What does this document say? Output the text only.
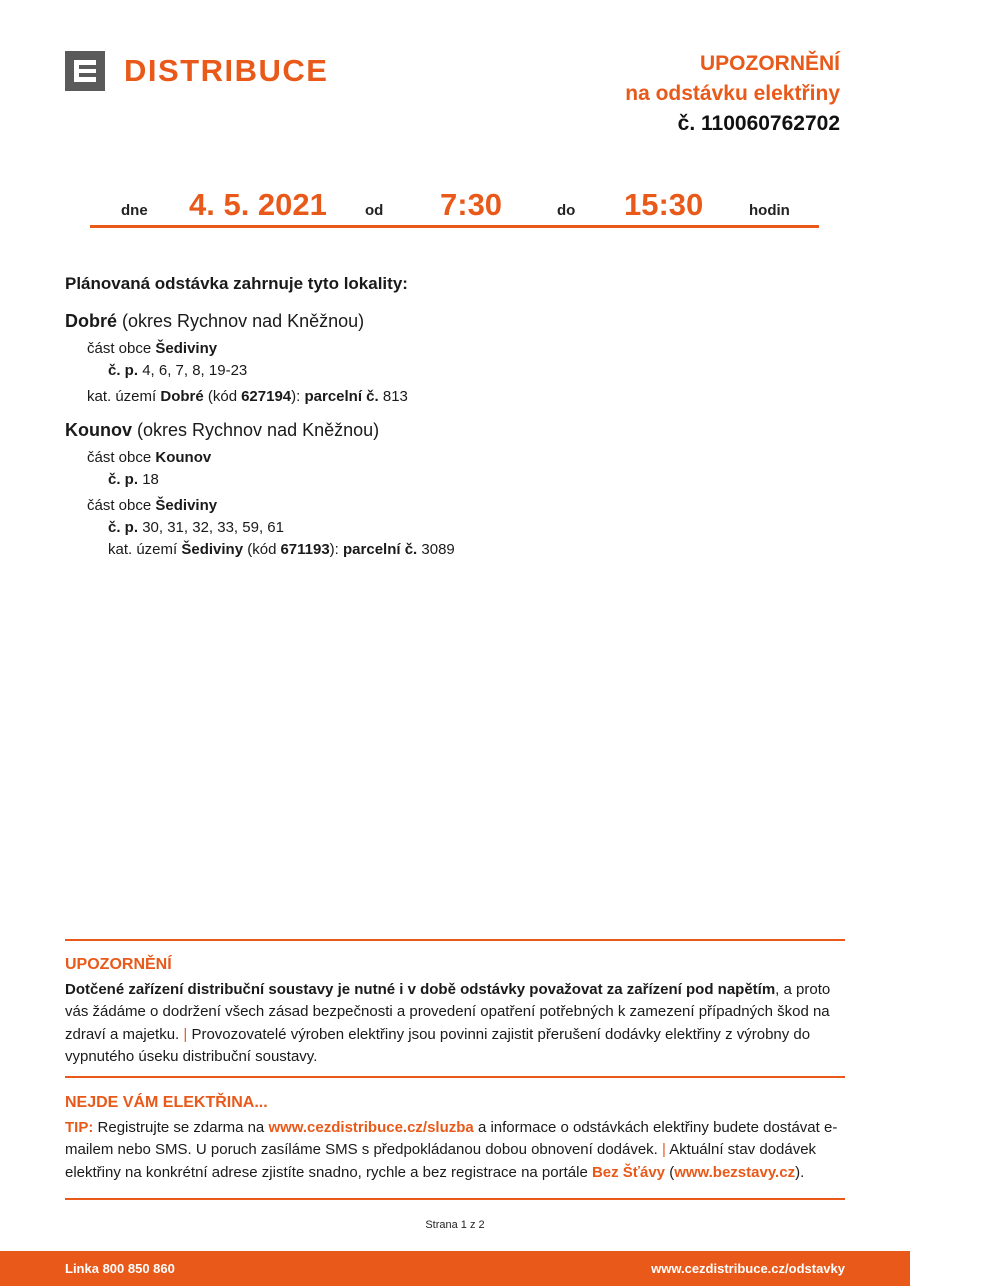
DISTRIBUCE	UPOZORNĚNÍ
na odstávku elektřiny
č. 110060762702
dne 4. 5. 2021	od 7:30	do 15:30	hodin
Plánovaná odstávka zahrnuje tyto lokality:
Dobré (okres Rychnov nad Kněžnou)
část obce Šediviny
č. p. 4, 6, 7, 8, 19-23
kat. území Dobré (kód 627194): parcelní č. 813
Kounov (okres Rychnov nad Kněžnou)
část obce Kounov
č. p. 18
část obce Šediviny
č. p. 30, 31, 32, 33, 59, 61
kat. území Šediviny (kód 671193): parcelní č. 3089
UPOZORNĚNÍ
Dotčené zařízení distribuční soustavy je nutné i v době odstávky považovat za zařízení pod napětím, a proto vás žádáme o dodržení všech zásad bezpečnosti a provedení opatření potřebných k zamezení případných škod na zdraví a majetku. | Provozovatelé výroben elektřiny jsou povinni zajistit přerušení dodávky elektřiny z výrobny do vypnutého úseku distribuční soustavy.
NEJDE VÁM ELEKTŘINA...
TIP: Registrujte se zdarma na www.cezdistribuce.cz/sluzba a informace o odstávkách elektřiny budete dostávat e-mailem nebo SMS. U poruch zasíláme SMS s předpokládanou dobou obnovení dodávek. | Aktuální stav dodávek elektřiny na konkrétní adrese zjistíte snadno, rychle a bez registrace na portále Bez Šťávy (www.bezstavy.cz).
Strana 1 z 2
Linka 800 850 860	www.cezdistribuce.cz/odstavky
